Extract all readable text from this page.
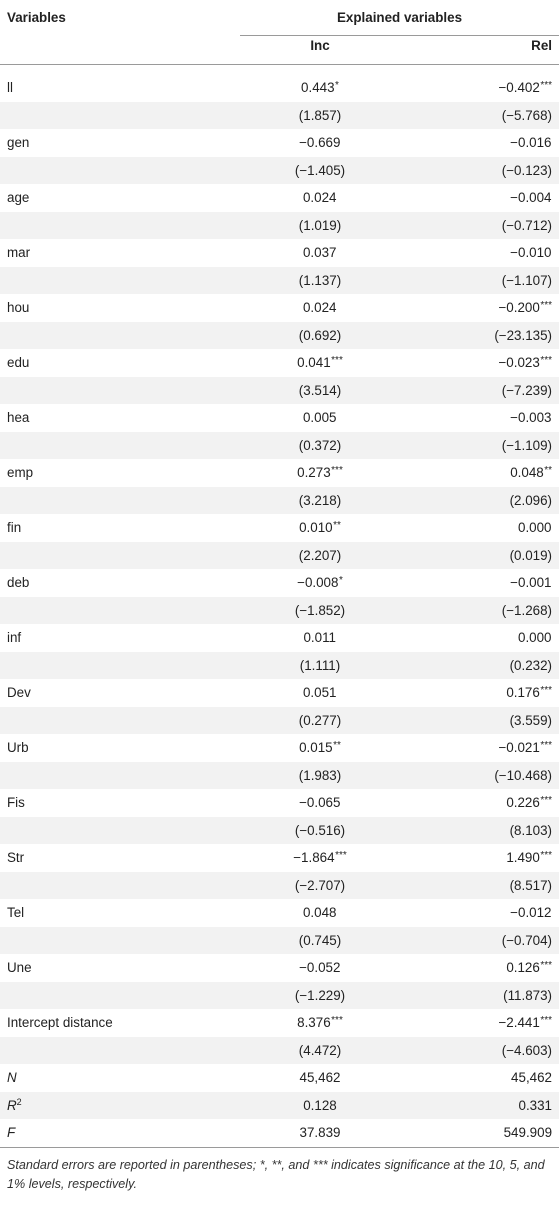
Variables	Explained variables	
	Inc	Rel

ll	0.443*	−0.402***
	(1.857)	(−5.768)
gen	−0.669	−0.016
	(−1.405)	(−0.123)
age	0.024	−0.004
	(1.019)	(−0.712)
mar	0.037	−0.010
	(1.137)	(−1.107)
hou	0.024	−0.200***
	(0.692)	(−23.135)
edu	0.041***	−0.023***
	(3.514)	(−7.239)
hea	0.005	−0.003
	(0.372)	(−1.109)
emp	0.273***	0.048**
	(3.218)	(2.096)
fin	0.010**	0.000
	(2.207)	(0.019)
deb	−0.008*	−0.001
	(−1.852)	(−1.268)
inf	0.011	0.000
	(1.111)	(0.232)
Dev	0.051	0.176***
	(0.277)	(3.559)
Urb	0.015**	−0.021***
	(1.983)	(−10.468)
Fis	−0.065	0.226***
	(−0.516)	(8.103)
Str	−1.864***	1.490***
	(−2.707)	(8.517)
Tel	0.048	−0.012
	(0.745)	(−0.704)
Une	−0.052	0.126***
	(−1.229)	(11.873)
Intercept distance	8.376***	−2.441***
	(4.472)	(−4.603)
N	45,462	45,462
$R^2$	0.128	0.331
F	37.839	549.909
Standard errors are reported in parentheses; *, **, and *** indicates significance at the 10, 5, and 1% levels, respectively.
